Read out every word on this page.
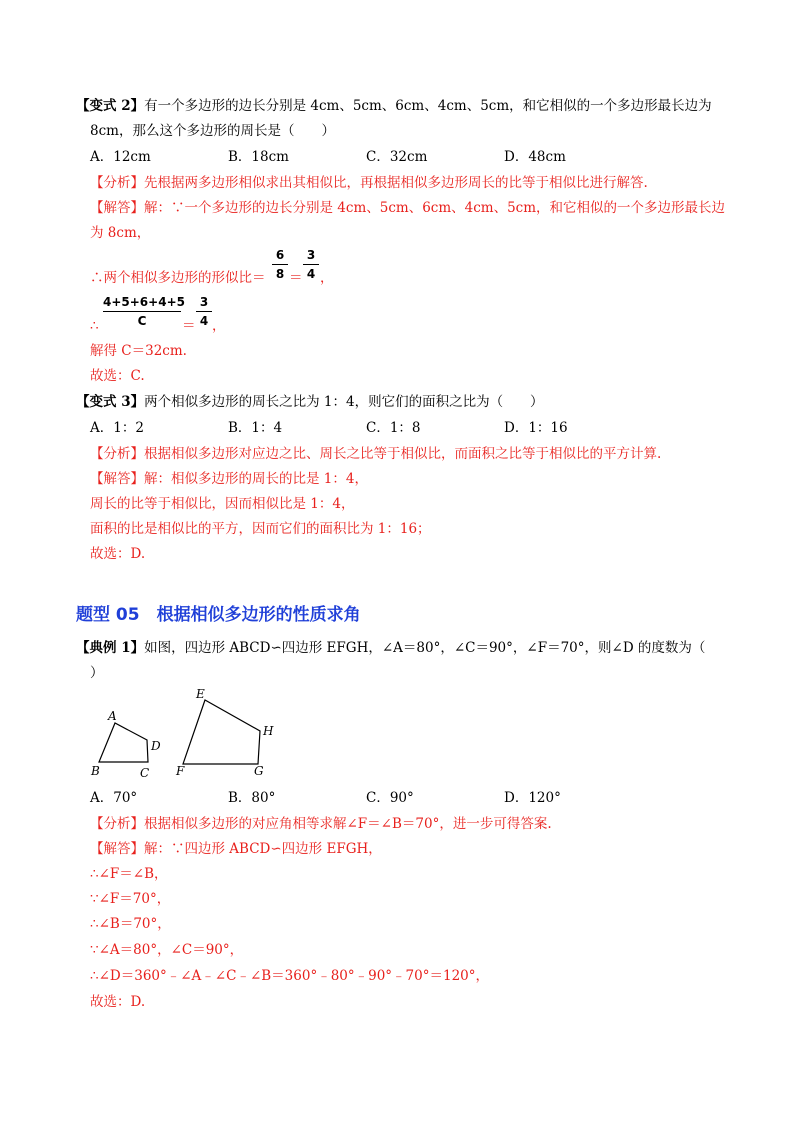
【变式 2】有一个多边形的边长分别是 4cm、5cm、6cm、4cm、5cm，和它相似的一个多边形最长边为
8cm，那么这个多边形的周长是（　　）
A．12cm	B．18cm	C．32cm	D．48cm
【分析】先根据两多边形相似求出其相似比，再根据相似多边形周长的比等于相似比进行解答.
【解答】解：∵一个多边形的边长分别是 4cm、5cm、6cm、4cm、5cm，和它相似的一个多边形最长边
为 8cm，
∴两个相似多边形的形似比＝
6
8 ＝
3
4 ，
∴
4+5+6+4+5
C	＝
3
4 ，
解得 C＝32cm.
故选：C.
【变式 3】两个相似多边形的周长之比为 1：4，则它们的面积之比为（　　）
A．1：2	B．1：4	C．1：8	D．1：16
【分析】根据相似多边形对应边之比、周长之比等于相似比，而面积之比等于相似比的平方计算.
【解答】解：相似多边形的周长的比是 1：4，
周长的比等于相似比，因而相似比是 1：4，
面积的比是相似比的平方，因而它们的面积比为 1：16；
故选：D.
题型 05　根据相似多边形的性质求角
【典例 1】如图，四边形 ABCD∽四边形 EFGH，∠A＝80°，∠C＝90°，∠F＝70°，则∠D 的度数为（
）
A
B	C
D
E
F	G
H
A．70°	B．80°	C．90°	D．120°
【分析】根据相似多边形的对应角相等求解∠F＝∠B＝70°，进一步可得答案.
【解答】解：∵四边形 ABCD∽四边形 EFGH，
∴∠F＝∠B，
∵∠F＝70°，
∴∠B＝70°，
∵∠A＝80°，∠C＝90°，
∴∠D＝360°﹣∠A﹣∠C﹣∠B＝360°﹣80°﹣90°﹣70°＝120°，
故选：D.
